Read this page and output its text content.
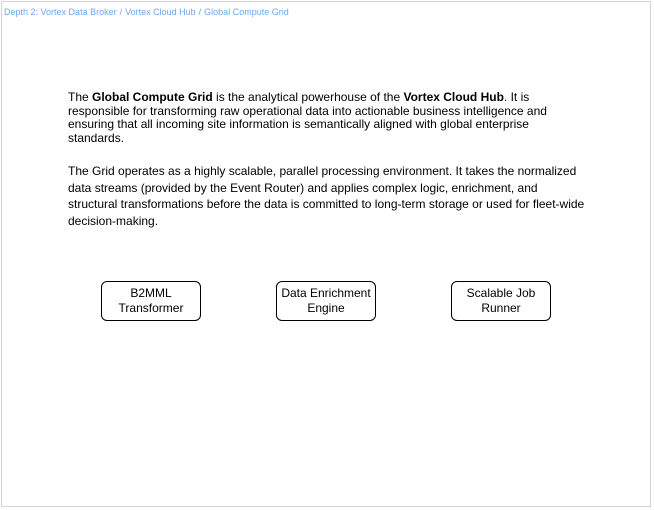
Depth 2: Vortex Data Broker / Vortex Cloud Hub / Global Compute Grid

The Global Compute Grid is the analytical powerhouse of the Vortex Cloud Hub. It is responsible for transforming raw operational data into actionable business intelligence and ensuring that all incoming site information is semantically aligned with global enterprise standards.

The Grid operates as a highly scalable, parallel processing environment. It takes the normalized data streams (provided by the Event Router) and applies complex logic, enrichment, and structural transformations before the data is committed to long-term storage or used for fleet-wide decision-making.

B2MML
Transformer
Data Enrichment
Engine
Scalable Job
Runner
